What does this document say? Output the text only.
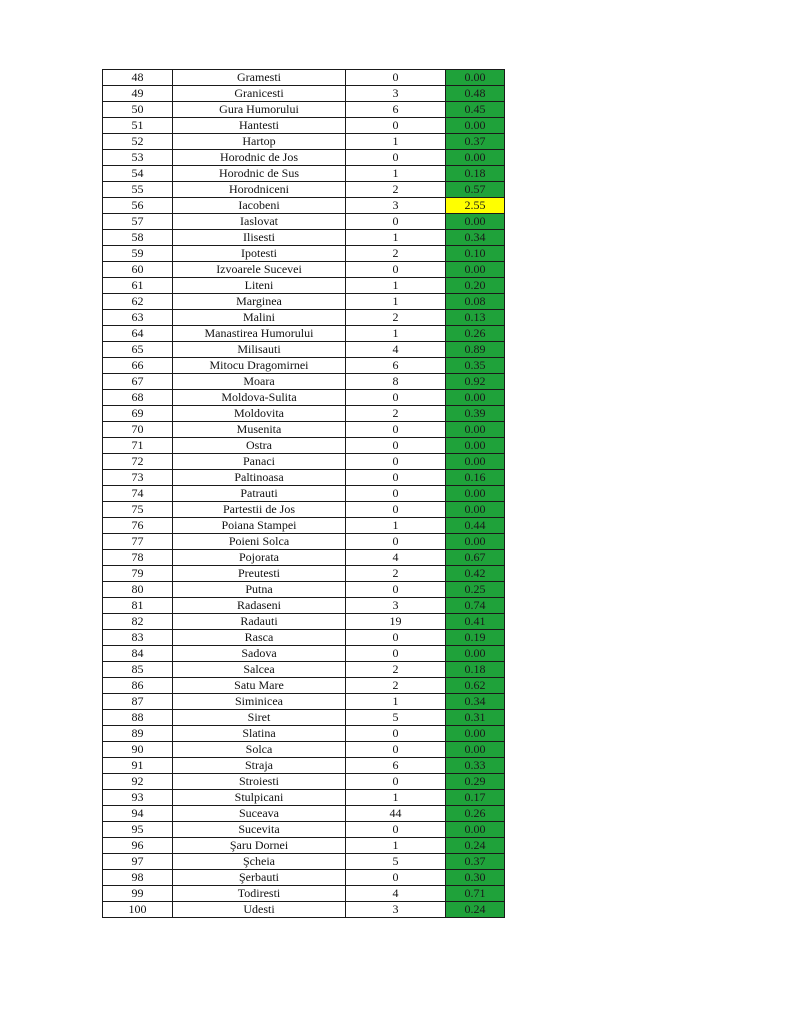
48	Gramesti	0	0.00
49	Granicesti	3	0.48
50	Gura Humorului	6	0.45
51	Hantesti	0	0.00
52	Hartop	1	0.37
53	Horodnic de Jos	0	0.00
54	Horodnic de Sus	1	0.18
55	Horodniceni	2	0.57
56	Iacobeni	3	2.55
57	Iaslovat	0	0.00
58	Ilisesti	1	0.34
59	Ipotesti	2	0.10
60	Izvoarele Sucevei	0	0.00
61	Liteni	1	0.20
62	Marginea	1	0.08
63	Malini	2	0.13
64	Manastirea Humorului	1	0.26
65	Milisauti	4	0.89
66	Mitocu Dragomirnei	6	0.35
67	Moara	8	0.92
68	Moldova-Sulita	0	0.00
69	Moldovita	2	0.39
70	Musenita	0	0.00
71	Ostra	0	0.00
72	Panaci	0	0.00
73	Paltinoasa	0	0.16
74	Patrauti	0	0.00
75	Partestii de Jos	0	0.00
76	Poiana Stampei	1	0.44
77	Poieni Solca	0	0.00
78	Pojorata	4	0.67
79	Preutesti	2	0.42
80	Putna	0	0.25
81	Radaseni	3	0.74
82	Radauti	19	0.41
83	Rasca	0	0.19
84	Sadova	0	0.00
85	Salcea	2	0.18
86	Satu Mare	2	0.62
87	Siminicea	1	0.34
88	Siret	5	0.31
89	Slatina	0	0.00
90	Solca	0	0.00
91	Straja	6	0.33
92	Stroiesti	0	0.29
93	Stulpicani	1	0.17
94	Suceava	44	0.26
95	Sucevita	0	0.00
96	Şaru Dornei	1	0.24
97	Şcheia	5	0.37
98	Şerbauti	0	0.30
99	Todiresti	4	0.71
100	Udesti	3	0.24
